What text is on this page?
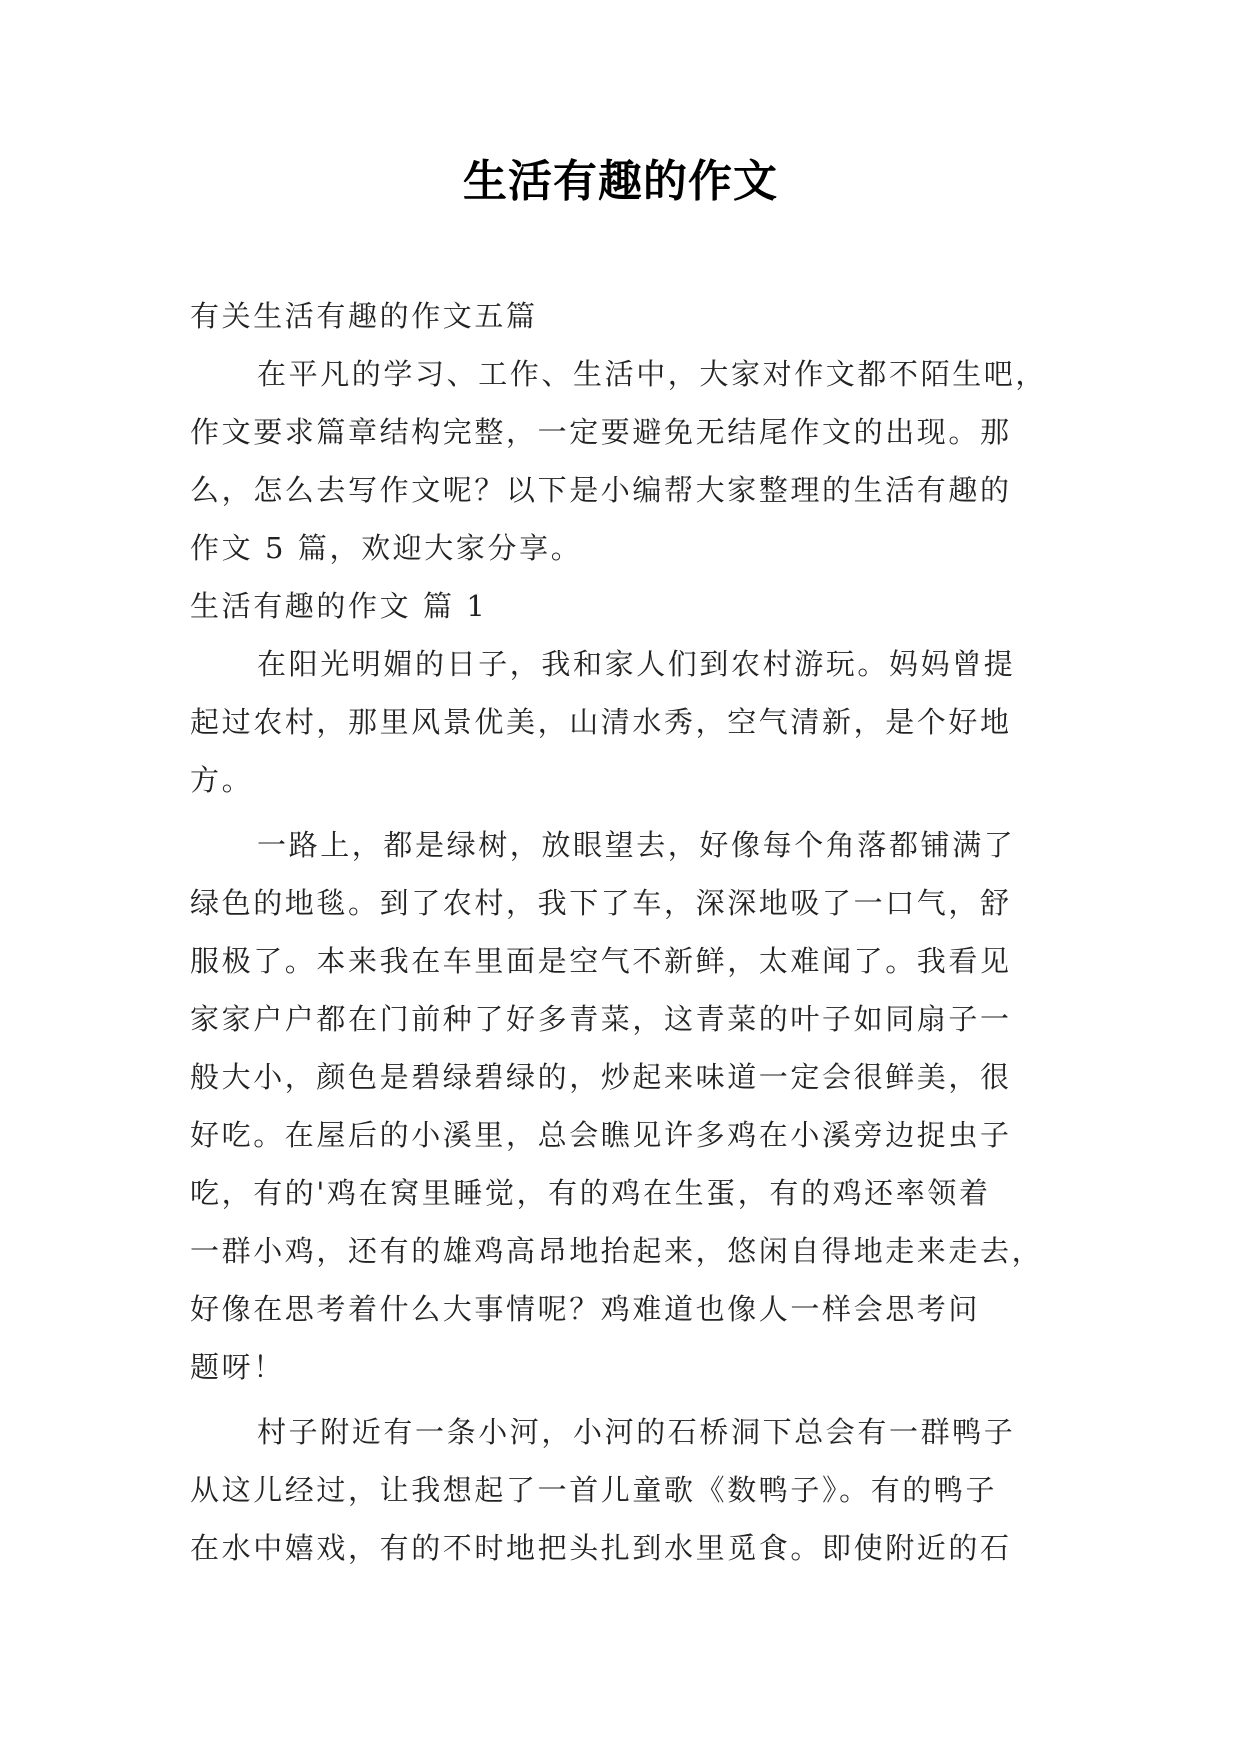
生活有趣的作文
有关生活有趣的作文五篇
在平凡的学习、工作、生活中，大家对作文都不陌生吧，
作文要求篇章结构完整，一定要避免无结尾作文的出现。那
么，怎么去写作文呢？以下是小编帮大家整理的生活有趣的
作文 5 篇，欢迎大家分享。
生活有趣的作文 篇 1
在阳光明媚的日子，我和家人们到农村游玩。妈妈曾提
起过农村，那里风景优美，山清水秀，空气清新，是个好地
方。
一路上，都是绿树，放眼望去，好像每个角落都铺满了
绿色的地毯。到了农村，我下了车，深深地吸了一口气，舒
服极了。本来我在车里面是空气不新鲜，太难闻了。我看见
家家户户都在门前种了好多青菜，这青菜的叶子如同扇子一
般大小，颜色是碧绿碧绿的，炒起来味道一定会很鲜美，很
好吃。在屋后的小溪里，总会瞧见许多鸡在小溪旁边捉虫子
吃，有的'鸡在窝里睡觉，有的鸡在生蛋，有的鸡还率领着
一群小鸡，还有的雄鸡高昂地抬起来，悠闲自得地走来走去，
好像在思考着什么大事情呢？鸡难道也像人一样会思考问
题呀！
村子附近有一条小河，小河的石桥洞下总会有一群鸭子
从这儿经过，让我想起了一首儿童歌《数鸭子》。有的鸭子
在水中嬉戏，有的不时地把头扎到水里觅食。即使附近的石
